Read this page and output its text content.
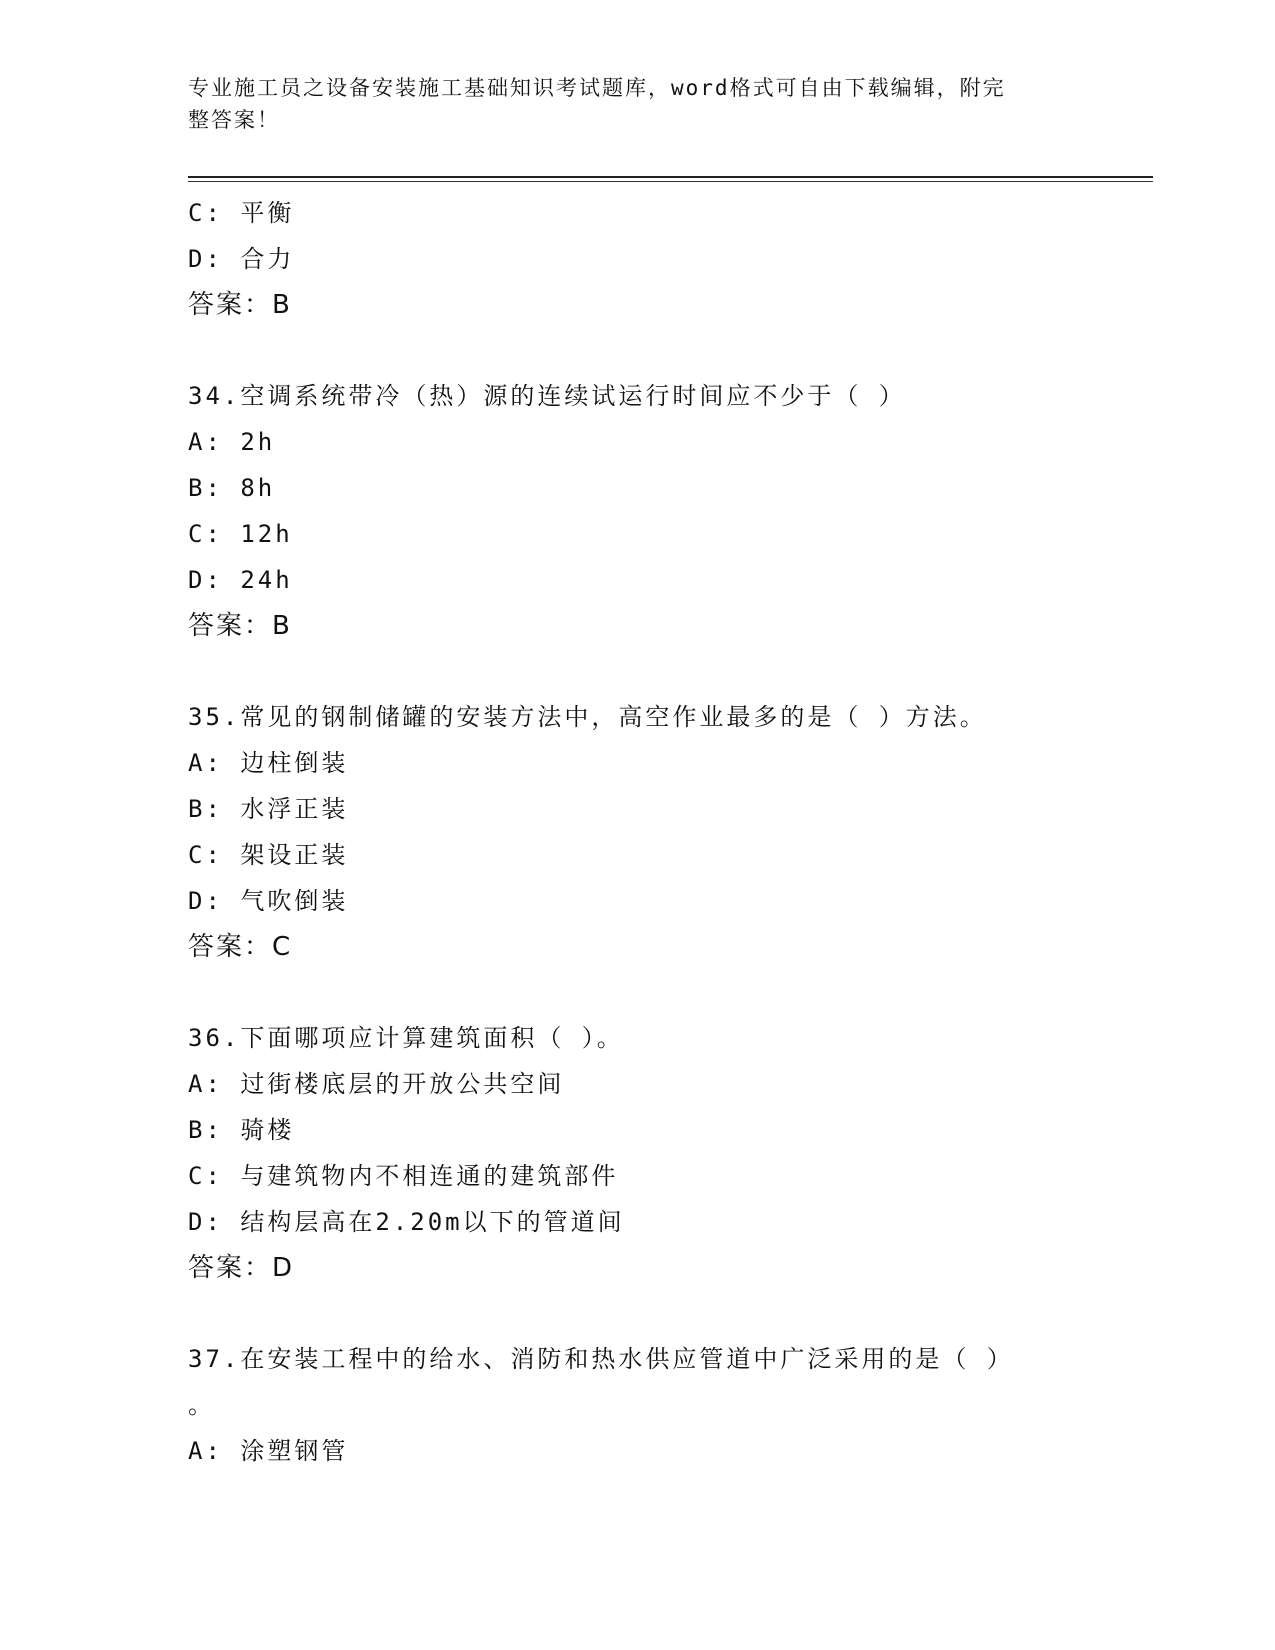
专业施工员之设备安装施工基础知识考试题库，word格式可自由下载编辑，附完
整答案！
C: 平衡
D: 合力
答案：B
34.空调系统带冷（热）源的连续试运行时间应不少于（ ）
A: 2h
B: 8h
C: 12h
D: 24h
答案：B
35.常见的钢制储罐的安装方法中，高空作业最多的是（ ）方法。
A: 边柱倒装
B: 水浮正装
C: 架设正装
D: 气吹倒装
答案：C
36.下面哪项应计算建筑面积（ ）。
A: 过街楼底层的开放公共空间
B: 骑楼
C: 与建筑物内不相连通的建筑部件
D: 结构层高在2.20m以下的管道间
答案：D
37.在安装工程中的给水、消防和热水供应管道中广泛采用的是（ ）
。
A: 涂塑钢管
